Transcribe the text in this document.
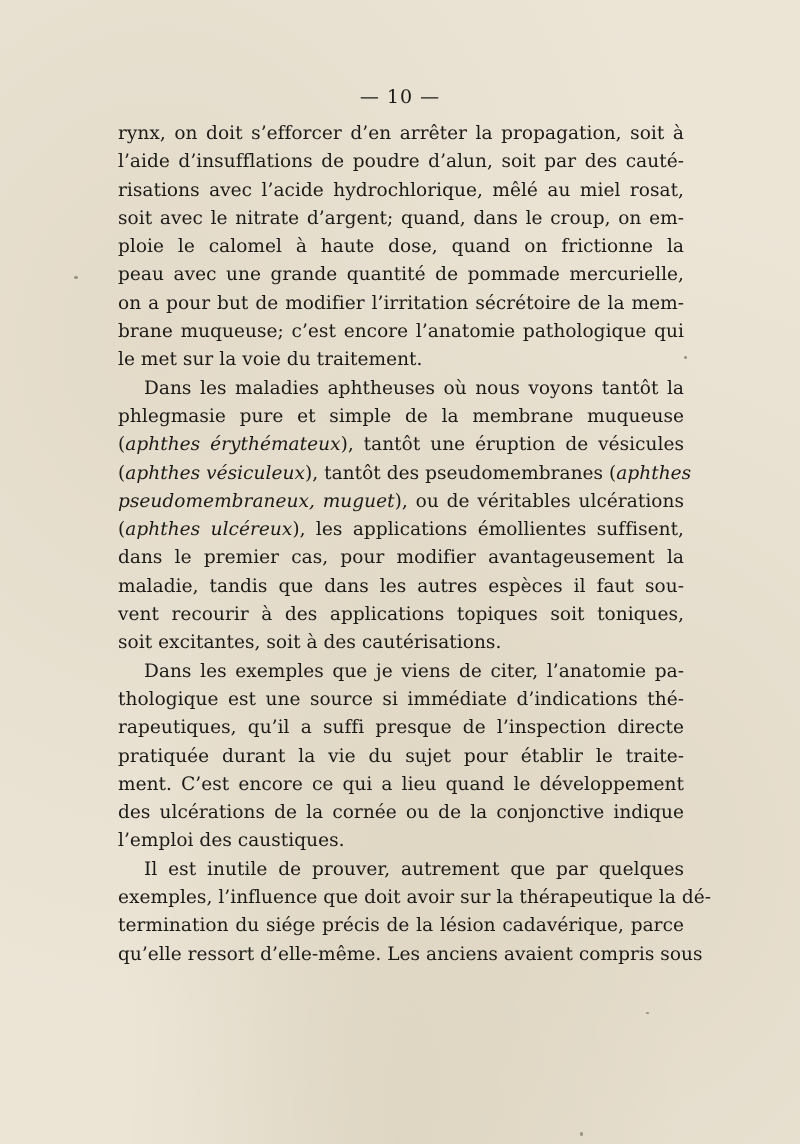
— 10 —
rynx, on doit s’efforcer d’en arrêter la propagation, soit à
l’aide d’insufflations de poudre d’alun, soit par des cauté-
risations avec l’acide hydrochlorique, mêlé au miel rosat,
soit avec le nitrate d’argent; quand, dans le croup, on em-
ploie le calomel à haute dose, quand on frictionne la
peau avec une grande quantité de pommade mercurielle,
on a pour but de modifier l’irritation sécrétoire de la mem-
brane muqueuse; c’est encore l’anatomie pathologique qui
le met sur la voie du traitement.
Dans les maladies aphtheuses où nous voyons tantôt la
phlegmasie pure et simple de la membrane muqueuse
(aphthes érythémateux), tantôt une éruption de vésicules
(aphthes vésiculeux), tantôt des pseudomembranes (aphthes
pseudomembraneux, muguet), ou de véritables ulcérations
(aphthes ulcéreux), les applications émollientes suffisent,
dans le premier cas, pour modifier avantageusement la
maladie, tandis que dans les autres espèces il faut sou-
vent recourir à des applications topiques soit toniques,
soit excitantes, soit à des cautérisations.
Dans les exemples que je viens de citer, l’anatomie pa-
thologique est une source si immédiate d’indications thé-
rapeutiques, qu’il a suffi presque de l’inspection directe
pratiquée durant la vie du sujet pour établir le traite-
ment. C’est encore ce qui a lieu quand le développement
des ulcérations de la cornée ou de la conjonctive indique
l’emploi des caustiques.
Il est inutile de prouver, autrement que par quelques
exemples, l’influence que doit avoir sur la thérapeutique la dé-
termination du siége précis de la lésion cadavérique, parce
qu’elle ressort d’elle-même. Les anciens avaient compris sous
